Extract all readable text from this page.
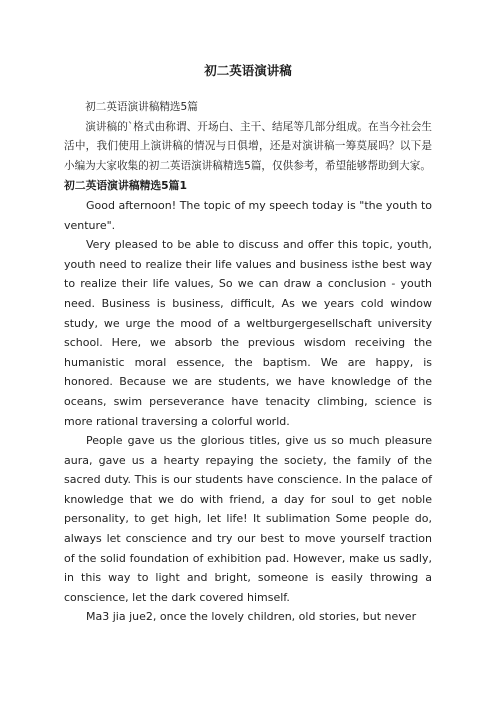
初二英语演讲稿

初二英语演讲稿精选5篇

演讲稿的`格式由称谓、开场白、主干、结尾等几部分组成。在当今社会生活中，我们使用上演讲稿的情况与日俱增，还是对演讲稿一筹莫展吗？以下是小编为大家收集的初二英语演讲稿精选5篇，仅供参考，希望能够帮助到大家。

初二英语演讲稿精选5篇1

Good afternoon! The topic of my speech today is "the youth to venture".

Very pleased to be able to discuss and offer this topic, youth, youth need to realize their life values and business isthe best way to realize their life values, So we can draw a conclusion - youth need. Business is business, difficult, As we years cold window study, we urge the mood of a weltburgergesellschaft university school. Here, we absorb the previous wisdom receiving the humanistic moral essence, the baptism. We are happy, is honored. Because we are students, we have knowledge of the oceans, swim perseverance have tenacity climbing, science is more rational traversing a colorful world.

People gave us the glorious titles, give us so much pleasure aura, gave us a hearty repaying the society, the family of the sacred duty. This is our students have conscience. In the palace of knowledge that we do with friend, a day for soul to get noble personality, to get high, let life! It sublimation Some people do, always let conscience and try our best to move yourself traction of the solid foundation of exhibition pad. However, make us sadly, in this way to light and bright, someone is easily throwing a conscience, let the dark covered himself.

Ma3 jia jue2, once the lovely children, old stories, but never
